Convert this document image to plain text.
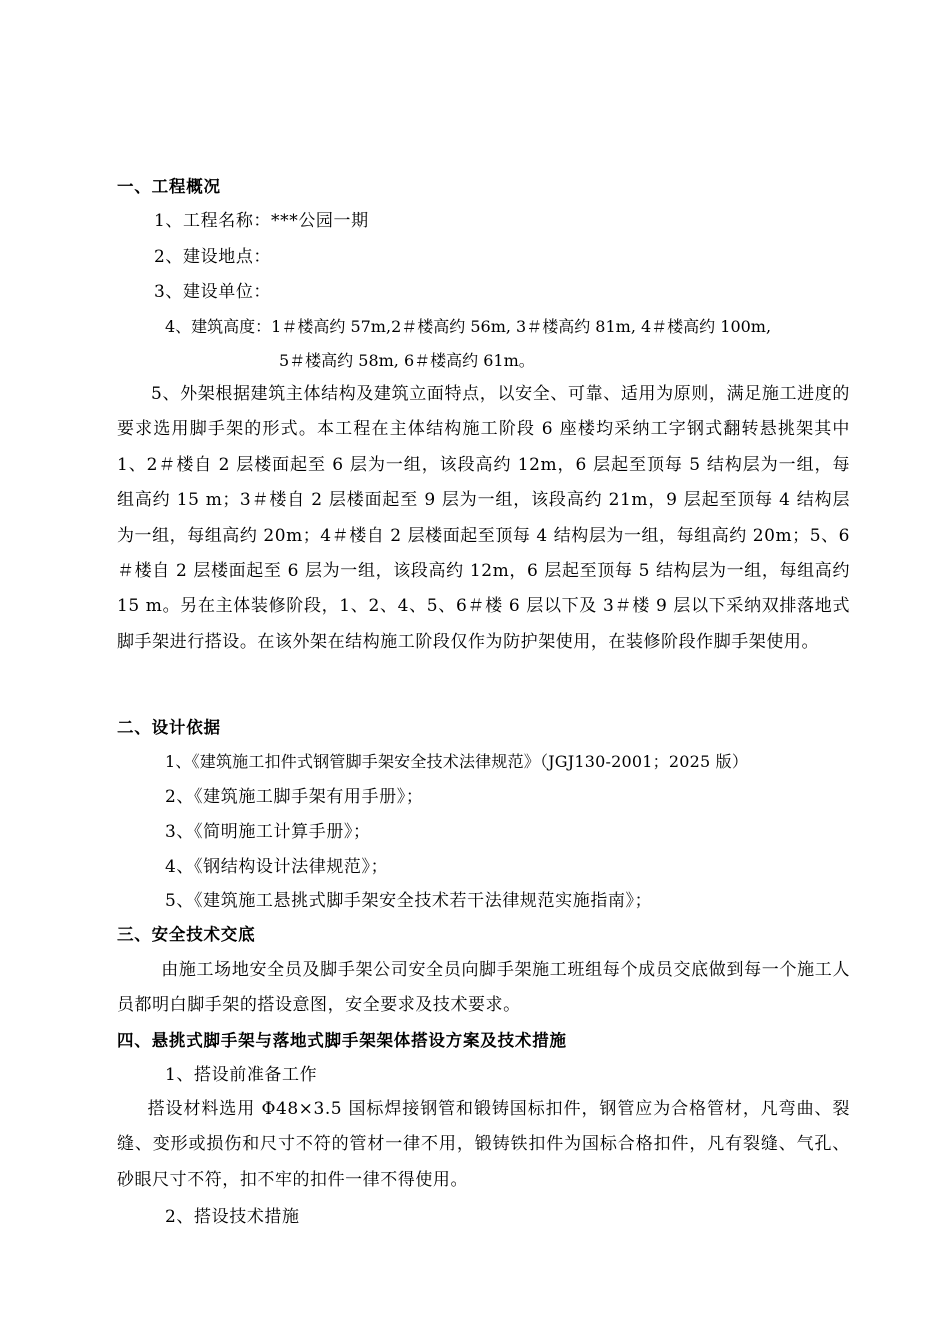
一、工程概况
1、工程名称：***公园一期
2、建设地点：
3、建设单位：
4、建筑高度：1＃楼高约 57m,2＃楼高约 56m, 3＃楼高约 81m, 4＃楼高约 100m,
5＃楼高约 58m, 6＃楼高约 61m。
5、外架根据建筑主体结构及建筑立面特点，以安全、可靠、适用为原则，满足施工进度的要求选用脚手架的形式。本工程在主体结构施工阶段 6 座楼均采纳工字钢式翻转悬挑架其中 1、2＃楼自 2 层楼面起至 6 层为一组，该段高约 12m，6 层起至顶每 5 结构层为一组，每组高约 15 m；3＃楼自 2 层楼面起至 9 层为一组，该段高约 21m，9 层起至顶每 4 结构层为一组，每组高约 20m；4＃楼自 2 层楼面起至顶每 4 结构层为一组，每组高约 20m；5、6＃楼自 2 层楼面起至 6 层为一组，该段高约 12m，6 层起至顶每 5 结构层为一组，每组高约 15 m。另在主体装修阶段，1、2、4、5、6＃楼 6 层以下及 3＃楼 9 层以下采纳双排落地式脚手架进行搭设。在该外架在结构施工阶段仅作为防护架使用，在装修阶段作脚手架使用。
二、设计依据
1、《建筑施工扣件式钢管脚手架安全技术法律规范》（JGJ130-2001；2025 版）
2、《建筑施工脚手架有用手册》；
3、《简明施工计算手册》；
4、《钢结构设计法律规范》；
5、《建筑施工悬挑式脚手架安全技术若干法律规范实施指南》；
三、安全技术交底
由施工场地安全员及脚手架公司安全员向脚手架施工班组每个成员交底做到每一个施工人员都明白脚手架的搭设意图，安全要求及技术要求。
四、悬挑式脚手架与落地式脚手架架体搭设方案及技术措施
1、搭设前准备工作
搭设材料选用 Φ48×3.5 国标焊接钢管和锻铸国标扣件，钢管应为合格管材，凡弯曲、裂缝、变形或损伤和尺寸不符的管材一律不用，锻铸铁扣件为国标合格扣件，凡有裂缝、气孔、砂眼尺寸不符，扣不牢的扣件一律不得使用。
2、搭设技术措施
